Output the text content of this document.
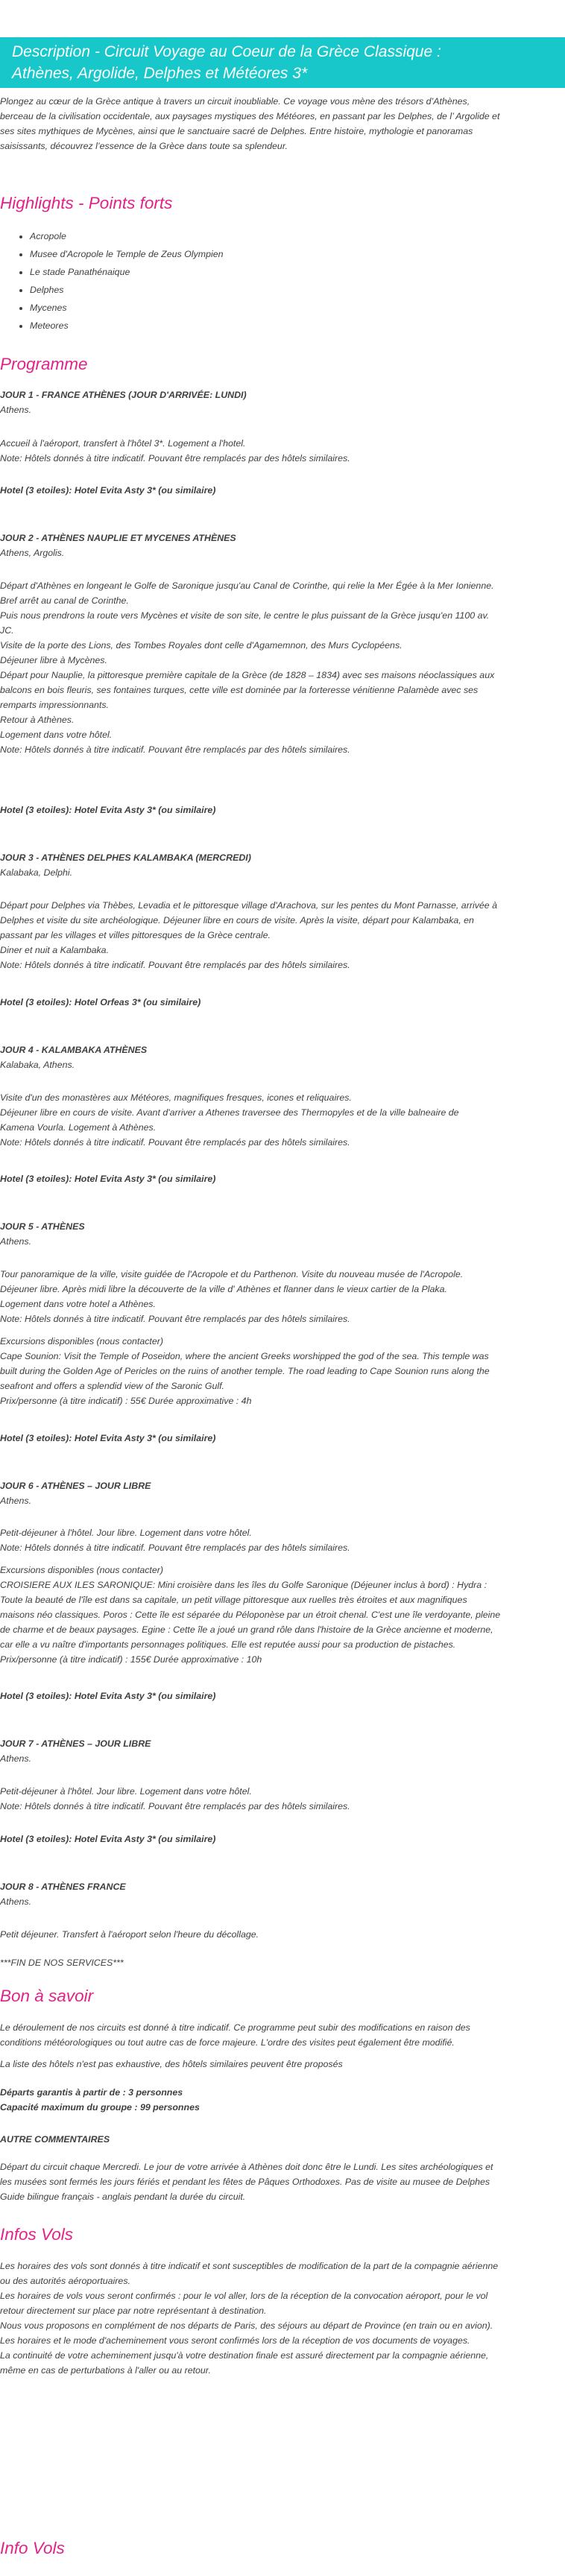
Description - Circuit Voyage au Coeur de la Grèce Classique :
Athènes, Argolide, Delphes et Météores 3*

Plongez au cœur de la Grèce antique à travers un circuit inoubliable. Ce voyage vous mène des trésors d’Athènes,

berceau de la civilisation occidentale, aux paysages mystiques des Météores, en passant par les Delphes, de l’ Argolide et

ses sites mythiques de Mycènes, ainsi que le sanctuaire sacré de Delphes. Entre histoire, mythologie et panoramas

saisissants, découvrez l’essence de la Grèce dans toute sa splendeur.

Highlights - Points forts
• Acropole
• Musee d'Acropole le Temple de Zeus Olympien
• Le stade Panathénaique
• Delphes
• Mycenes
• Meteores
Programme

JOUR 1 - FRANCE ATHÈNES (JOUR D'ARRIVÉE: LUNDI)

Athens.

Accueil à l'aéroport, transfert à l'hôtel 3*. Logement a l'hotel.

Note: Hôtels donnés à titre indicatif. Pouvant être remplacés par des hôtels similaires.

Hotel (3 etoiles): Hotel Evita Asty 3* (ou similaire)

JOUR 2 - ATHÈNES NAUPLIE ET MYCENES ATHÈNES

Athens, Argolis.

Départ d'Athènes en longeant le Golfe de Saronique jusqu'au Canal de Corinthe, qui relie la Mer Égée à la Mer Ionienne.

Bref arrêt au canal de Corinthe.

Puis nous prendrons la route vers Mycènes et visite de son site, le centre le plus puissant de la Grèce jusqu'en 1100 av.

JC.

Visite de la porte des Lions, des Tombes Royales dont celle d'Agamemnon, des Murs Cyclopéens.

Déjeuner libre à Mycènes.

Départ pour Nauplie, la pittoresque première capitale de la Grèce (de 1828 – 1834) avec ses maisons néoclassiques aux

balcons en bois fleuris, ses fontaines turques, cette ville est dominée par la forteresse vénitienne Palamède avec ses

remparts impressionnants.

Retour à Athènes.

Logement dans votre hôtel.

Note: Hôtels donnés à titre indicatif. Pouvant être remplacés par des hôtels similaires.

Hotel (3 etoiles): Hotel Evita Asty 3* (ou similaire)

JOUR 3 - ATHÈNES DELPHES KALAMBAKA (MERCREDI)

Kalabaka, Delphi.

Départ pour Delphes via Thèbes, Levadia et le pittoresque village d'Arachova, sur les pentes du Mont Parnasse, arrivée à

Delphes et visite du site archéologique. Déjeuner libre en cours de visite. Après la visite, départ pour Kalambaka, en

passant par les villages et villes pittoresques de la Grèce centrale.

Diner et nuit a Kalambaka.

Note: Hôtels donnés à titre indicatif. Pouvant être remplacés par des hôtels similaires.

Hotel (3 etoiles): Hotel Orfeas 3* (ou similaire)

JOUR 4 - KALAMBAKA ATHÈNES

Kalabaka, Athens.

Visite d'un des monastères aux Météores, magnifiques fresques, icones et reliquaires.

Déjeuner libre en cours de visite. Avant d'arriver a Athenes traversee des Thermopyles et de la ville balneaire de

Kamena Vourla. Logement à Athènes.

Note: Hôtels donnés à titre indicatif. Pouvant être remplacés par des hôtels similaires.

Hotel (3 etoiles): Hotel Evita Asty 3* (ou similaire)

JOUR 5 - ATHÈNES

Athens.

Tour panoramique de la ville, visite guidée de l'Acropole et du Parthenon. Visite du nouveau musée de l'Acropole.

Déjeuner libre. Après midi libre la découverte de la ville d' Athènes et flanner dans le vieux cartier de la Plaka.

Logement dans votre hotel a Athènes.

Note: Hôtels donnés à titre indicatif. Pouvant être remplacés par des hôtels similaires.

Excursions disponibles (nous contacter)

Cape Sounion: Visit the Temple of Poseidon, where the ancient Greeks worshipped the god of the sea. This temple was

built during the Golden Age of Pericles on the ruins of another temple. The road leading to Cape Sounion runs along the

seafront and offers a splendid view of the Saronic Gulf.

Prix/personne (à titre indicatif) : 55€ Durée approximative : 4h

Hotel (3 etoiles): Hotel Evita Asty 3* (ou similaire)

JOUR 6 - ATHÈNES – JOUR LIBRE

Athens.

Petit-déjeuner à l'hôtel. Jour libre. Logement dans votre hôtel.

Note: Hôtels donnés à titre indicatif. Pouvant être remplacés par des hôtels similaires.

Excursions disponibles (nous contacter)

CROISIERE AUX ILES SARONIQUE: Mini croisière dans les îles du Golfe Saronique (Déjeuner inclus à bord) : Hydra :

Toute la beauté de l'île est dans sa capitale, un petit village pittoresque aux ruelles très étroites et aux magnifiques

maisons néo classiques. Poros : Cette île est séparée du Péloponèse par un étroit chenal. C'est une île verdoyante, pleine

de charme et de beaux paysages. Egine : Cette île a joué un grand rôle dans l'histoire de la Grèce ancienne et moderne,

car elle a vu naître d'importants personnages politiques. Elle est reputée aussi pour sa production de pistaches.

Prix/personne (à titre indicatif) : 155€ Durée approximative : 10h

Hotel (3 etoiles): Hotel Evita Asty 3* (ou similaire)

JOUR 7 - ATHÈNES – JOUR LIBRE

Athens.

Petit-déjeuner à l'hôtel. Jour libre. Logement dans votre hôtel.

Note: Hôtels donnés à titre indicatif. Pouvant être remplacés par des hôtels similaires.

Hotel (3 etoiles): Hotel Evita Asty 3* (ou similaire)

JOUR 8 - ATHÈNES FRANCE

Athens.

Petit déjeuner. Transfert à l'aéroport selon l'heure du décollage.

***FIN DE NOS SERVICES***

Bon à savoir

Le déroulement de nos circuits est donné à titre indicatif. Ce programme peut subir des modifications en raison des

conditions météorologiques ou tout autre cas de force majeure. L'ordre des visites peut également être modifié.

La liste des hôtels n'est pas exhaustive, des hôtels similaires peuvent être proposés

Départs garantis à partir de : 3 personnes

Capacité maximum du groupe : 99 personnes

AUTRE COMMENTAIRES

Départ du circuit chaque Mercredi. Le jour de votre arrivée à Athènes doit donc être le Lundi. Les sites archéologiques et

les musées sont fermés les jours fériés et pendant les fêtes de Pâques Orthodoxes. Pas de visite au musee de Delphes

Guide bilingue français - anglais pendant la durée du circuit.

Infos Vols

Les horaires des vols sont donnés à titre indicatif et sont susceptibles de modification de la part de la compagnie aérienne

ou des autorités aéroportuaires.

Les horaires de vols vous seront confirmés : pour le vol aller, lors de la réception de la convocation aéroport, pour le vol

retour directement sur place par notre représentant à destination.

Nous vous proposons en complément de nos départs de Paris, des séjours au départ de Province (en train ou en avion).

Les horaires et le mode d'acheminement vous seront confirmés lors de la réception de vos documents de voyages.

La continuité de votre acheminement jusqu'à votre destination finale est assuré directement par la compagnie aérienne,

même en cas de perturbations à l'aller ou au retour.

Info Vols
